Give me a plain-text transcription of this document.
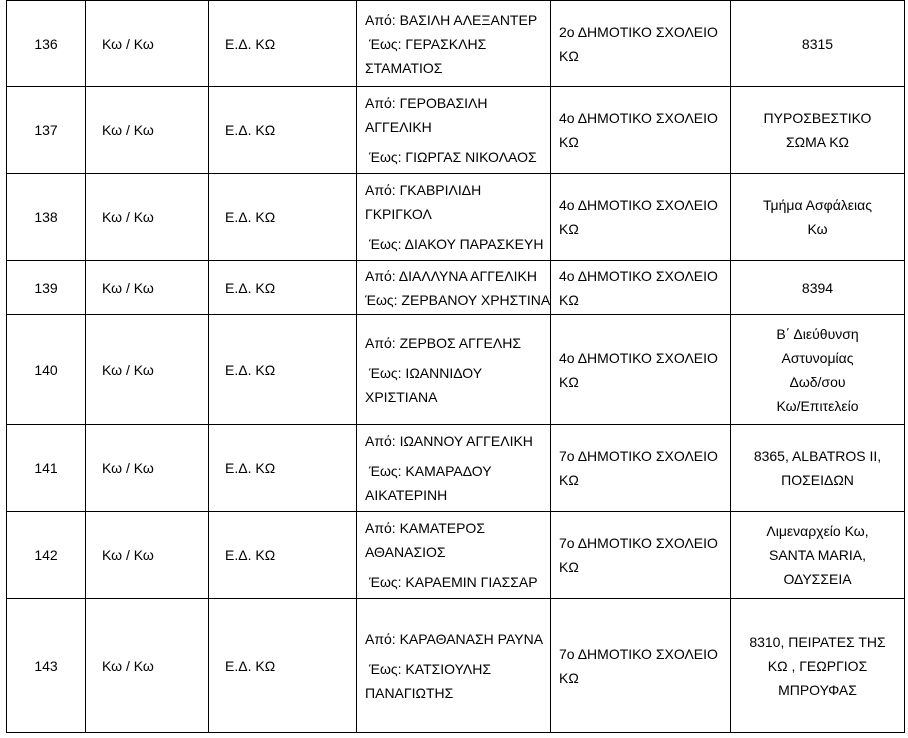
136	Κω / Κω	Ε.Δ. ΚΩ	Από: ΒΑΣΙΛΗ ΑΛΕΞΑΝΤΕΡ
Έως: ΓΕΡΑΣΚΛΗΣ
ΣΤΑΜΑΤΙΟΣ	2ο ΔΗΜΟΤΙΚΟ ΣΧΟΛΕΙΟ
ΚΩ	8315

137	Κω / Κω	Ε.Δ. ΚΩ	Από: ΓΕΡΟΒΑΣΙΛΗ
ΑΓΓΕΛΙΚΗ
Έως: ΓΙΩΡΓΑΣ ΝΙΚΟΛΑΟΣ	4ο ΔΗΜΟΤΙΚΟ ΣΧΟΛΕΙΟ
ΚΩ	ΠΥΡΟΣΒΕΣΤΙΚΟ
ΣΩΜΑ ΚΩ

138	Κω / Κω	Ε.Δ. ΚΩ	Από: ΓΚΑΒΡΙΛΙΔΗ
ΓΚΡΙΓΚΟΛ
Έως: ΔΙΑΚΟΥ ΠΑΡΑΣΚΕΥΗ	4ο ΔΗΜΟΤΙΚΟ ΣΧΟΛΕΙΟ
ΚΩ	Τμήμα Ασφάλειας
Κω

139	Κω / Κω	Ε.Δ. ΚΩ	Από: ΔΙΑΛΛΥΝΑ ΑΓΓΕΛΙΚΗ
Έως: ΖΕΡΒΑΝΟΥ ΧΡΗΣΤΙΝΑ	4ο ΔΗΜΟΤΙΚΟ ΣΧΟΛΕΙΟ
ΚΩ	8394

140	Κω / Κω	Ε.Δ. ΚΩ	Από: ΖΕΡΒΟΣ ΑΓΓΕΛΗΣ
Έως: ΙΩΑΝΝΙΔΟΥ
ΧΡΙΣΤΙΑΝΑ	4ο ΔΗΜΟΤΙΚΟ ΣΧΟΛΕΙΟ
ΚΩ	Β΄ Διεύθυνση
Αστυνομίας
Δωδ/σου
Κω/Επιτελείο

141	Κω / Κω	Ε.Δ. ΚΩ	Από: ΙΩΑΝΝΟΥ ΑΓΓΕΛΙΚΗ
Έως: ΚΑΜΑΡΑΔΟΥ
ΑΙΚΑΤΕΡΙΝΗ	7ο ΔΗΜΟΤΙΚΟ ΣΧΟΛΕΙΟ
ΚΩ	8365, ALBATROS II,
ΠΟΣΕΙΔΩΝ

142	Κω / Κω	Ε.Δ. ΚΩ	Από: ΚΑΜΑΤΕΡΟΣ
ΑΘΑΝΑΣΙΟΣ
Έως: ΚΑΡΑΕΜΙΝ ΓΙΑΣΣΑΡ	7ο ΔΗΜΟΤΙΚΟ ΣΧΟΛΕΙΟ
ΚΩ	Λιμεναρχείο Κω,
SANTA MARIA,
ΟΔΥΣΣΕΙΑ

143	Κω / Κω	Ε.Δ. ΚΩ	Από: ΚΑΡΑΘΑΝΑΣΗ ΡΑΥΝΑ
Έως: ΚΑΤΣΙΟΥΛΗΣ
ΠΑΝΑΓΙΩΤΗΣ	7ο ΔΗΜΟΤΙΚΟ ΣΧΟΛΕΙΟ
ΚΩ	8310, ΠΕΙΡΑΤΕΣ ΤΗΣ
ΚΩ , ΓΕΩΡΓΙΟΣ
ΜΠΡΟΥΦΑΣ
